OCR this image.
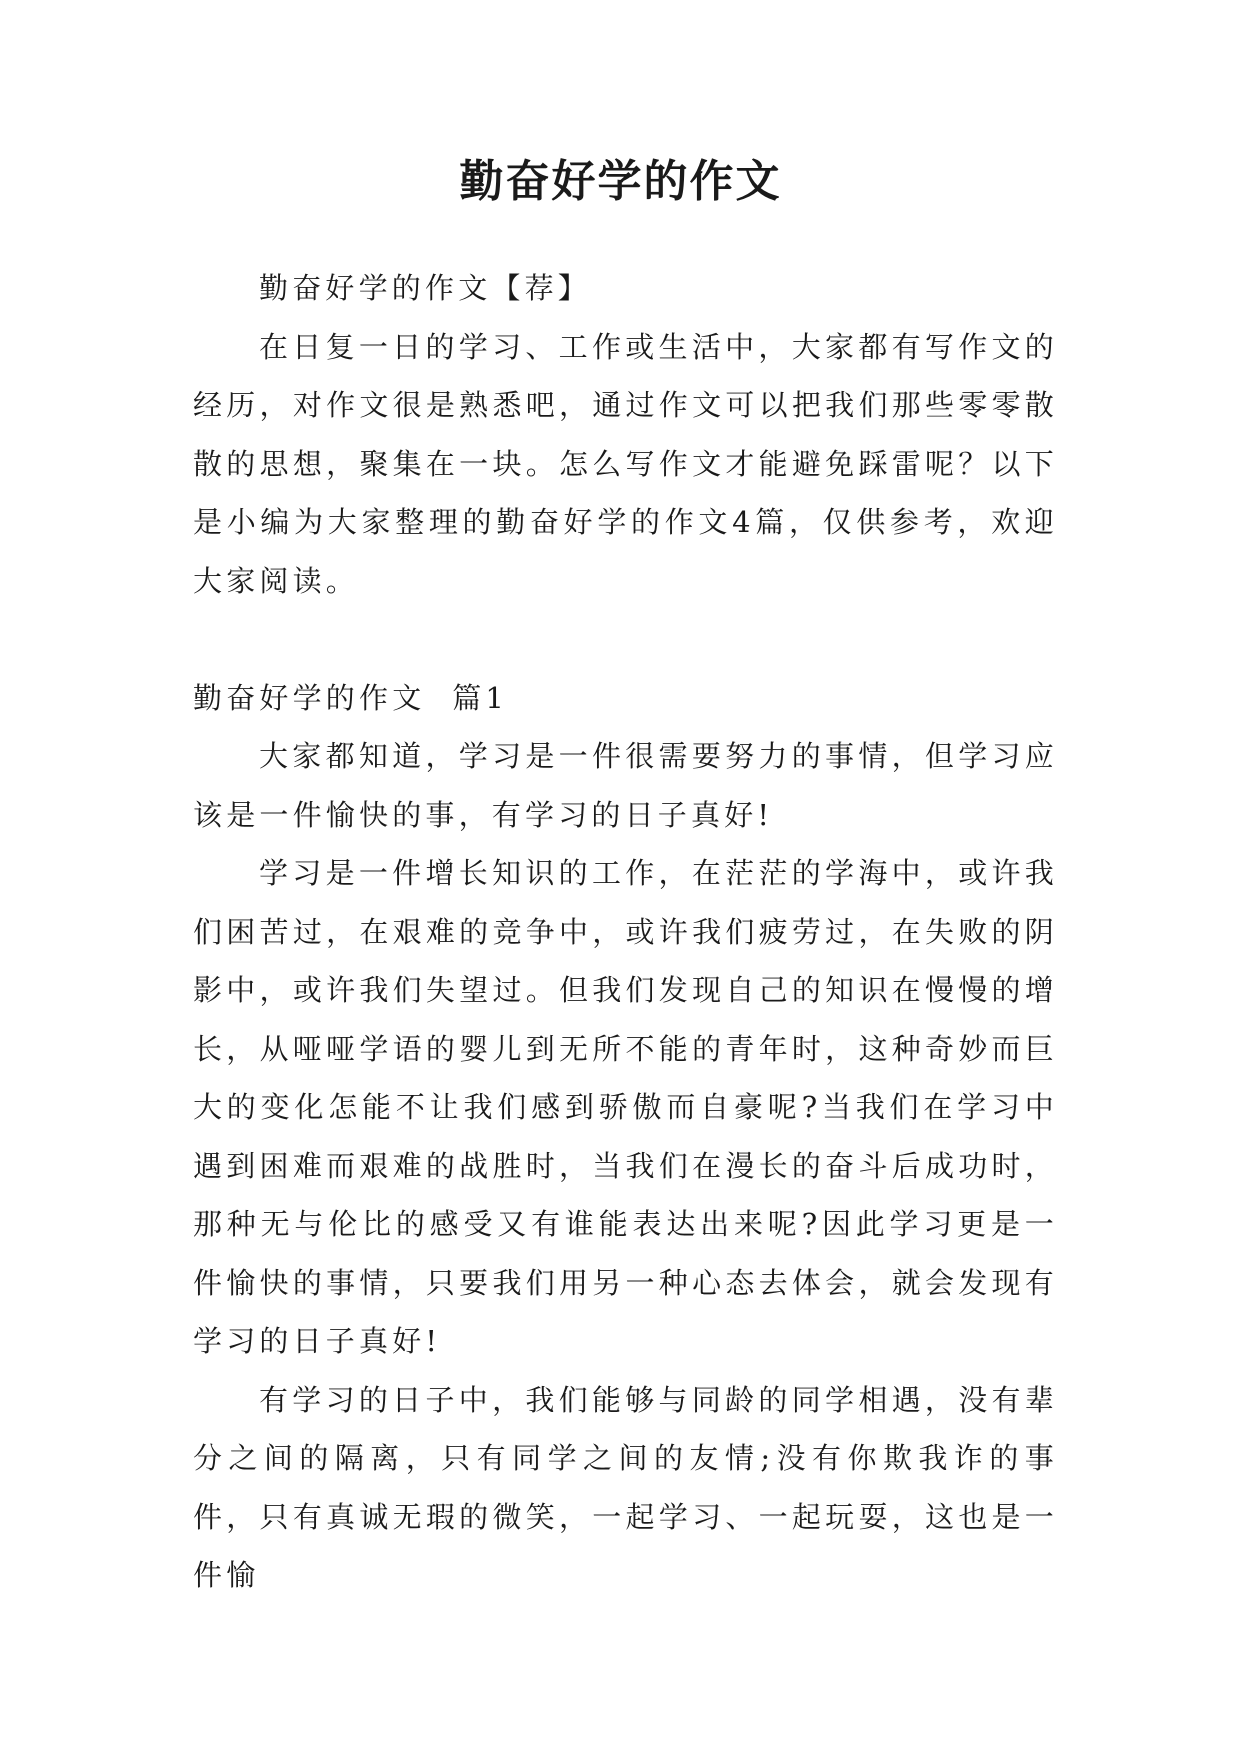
勤奋好学的作文

勤奋好学的作文【荐】

在日复一日的学习、工作或生活中，大家都有写作文的经历，对作文很是熟悉吧，通过作文可以把我们那些零零散散的思想，聚集在一块。怎么写作文才能避免踩雷呢？以下是小编为大家整理的勤奋好学的作文4篇，仅供参考，欢迎大家阅读。

勤奋好学的作文  篇1

大家都知道，学习是一件很需要努力的事情，但学习应该是一件愉快的事，有学习的日子真好!

学习是一件增长知识的工作，在茫茫的学海中，或许我们困苦过，在艰难的竞争中，或许我们疲劳过，在失败的阴影中，或许我们失望过。但我们发现自己的知识在慢慢的增长，从哑哑学语的婴儿到无所不能的青年时，这种奇妙而巨大的变化怎能不让我们感到骄傲而自豪呢?当我们在学习中遇到困难而艰难的战胜时，当我们在漫长的奋斗后成功时，那种无与伦比的感受又有谁能表达出来呢?因此学习更是一件愉快的事情，只要我们用另一种心态去体会，就会发现有学习的日子真好!

有学习的日子中，我们能够与同龄的同学相遇，没有辈分之间的隔离，只有同学之间的友情;没有你欺我诈的事件，只有真诚无瑕的微笑，一起学习、一起玩耍，这也是一件愉
